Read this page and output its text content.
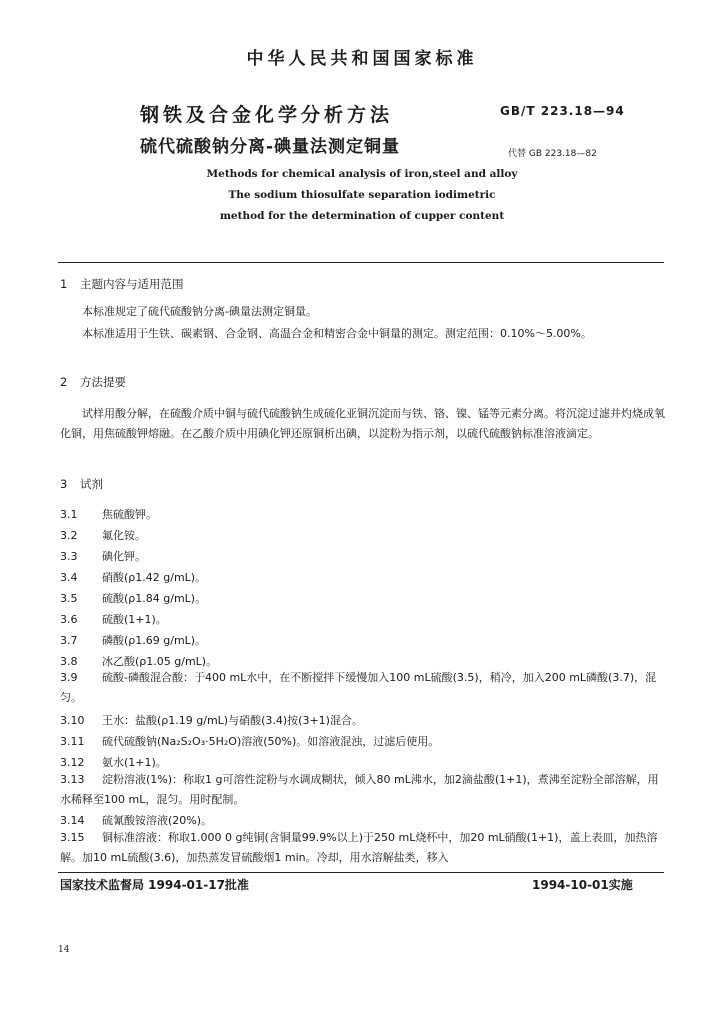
中华人民共和国国家标准
钢铁及合金化学分析方法
硫代硫酸钠分离-碘量法测定铜量
GB/T 223.18—94
代替 GB 223.18—82
Methods for chemical analysis of iron,steel and alloy
The sodium thiosulfate separation iodimetric
method for the determination of cupper content
1 主题内容与适用范围
本标准规定了硫代硫酸钠分离-碘量法测定铜量。
本标准适用于生铁、碳素钢、合金钢、高温合金和精密合金中铜量的测定。测定范围：0.10%～5.00%。
2 方法提要
试样用酸分解，在硫酸介质中铜与硫代硫酸钠生成硫化亚铜沉淀而与铁、铬、镍、锰等元素分离。将沉淀过滤并灼烧成氧化铜，用焦硫酸钾熔融。在乙酸介质中用碘化钾还原铜析出碘，以淀粉为指示剂，以硫代硫酸钠标准溶液滴定。
3 试剂
3.1 焦硫酸钾。
3.2 氟化铵。
3.3 碘化钾。
3.4 硝酸(ρ1.42 g/mL)。
3.5 硫酸(ρ1.84 g/mL)。
3.6 硫酸(1+1)。
3.7 磷酸(ρ1.69 g/mL)。
3.8 冰乙酸(ρ1.05 g/mL)。
3.9 硫酸-磷酸混合酸：于400 mL水中，在不断搅拌下缓慢加入100 mL硫酸(3.5)，稍冷，加入200 mL磷酸(3.7)，混匀。
3.10 王水：盐酸(ρ1.19 g/mL)与硝酸(3.4)按(3+1)混合。
3.11 硫代硫酸钠(Na₂S₂O₃·5H₂O)溶液(50%)。如溶液混浊，过滤后使用。
3.12 氨水(1+1)。
3.13 淀粉溶液(1%)：称取1 g可溶性淀粉与水调成糊状，倾入80 mL沸水，加2滴盐酸(1+1)，煮沸至淀粉全部溶解，用水稀释至100 mL，混匀。用时配制。
3.14 硫氰酸铵溶液(20%)。
3.15 铜标准溶液：称取1.000 0 g纯铜(含铜量99.9%以上)于250 mL烧杯中，加20 mL硝酸(1+1)，盖上表皿，加热溶解。加10 mL硫酸(3.6)，加热蒸发冒硫酸烟1 min。冷却，用水溶解盐类，移入
国家技术监督局 1994-01-17批准	1994-10-01实施
14
